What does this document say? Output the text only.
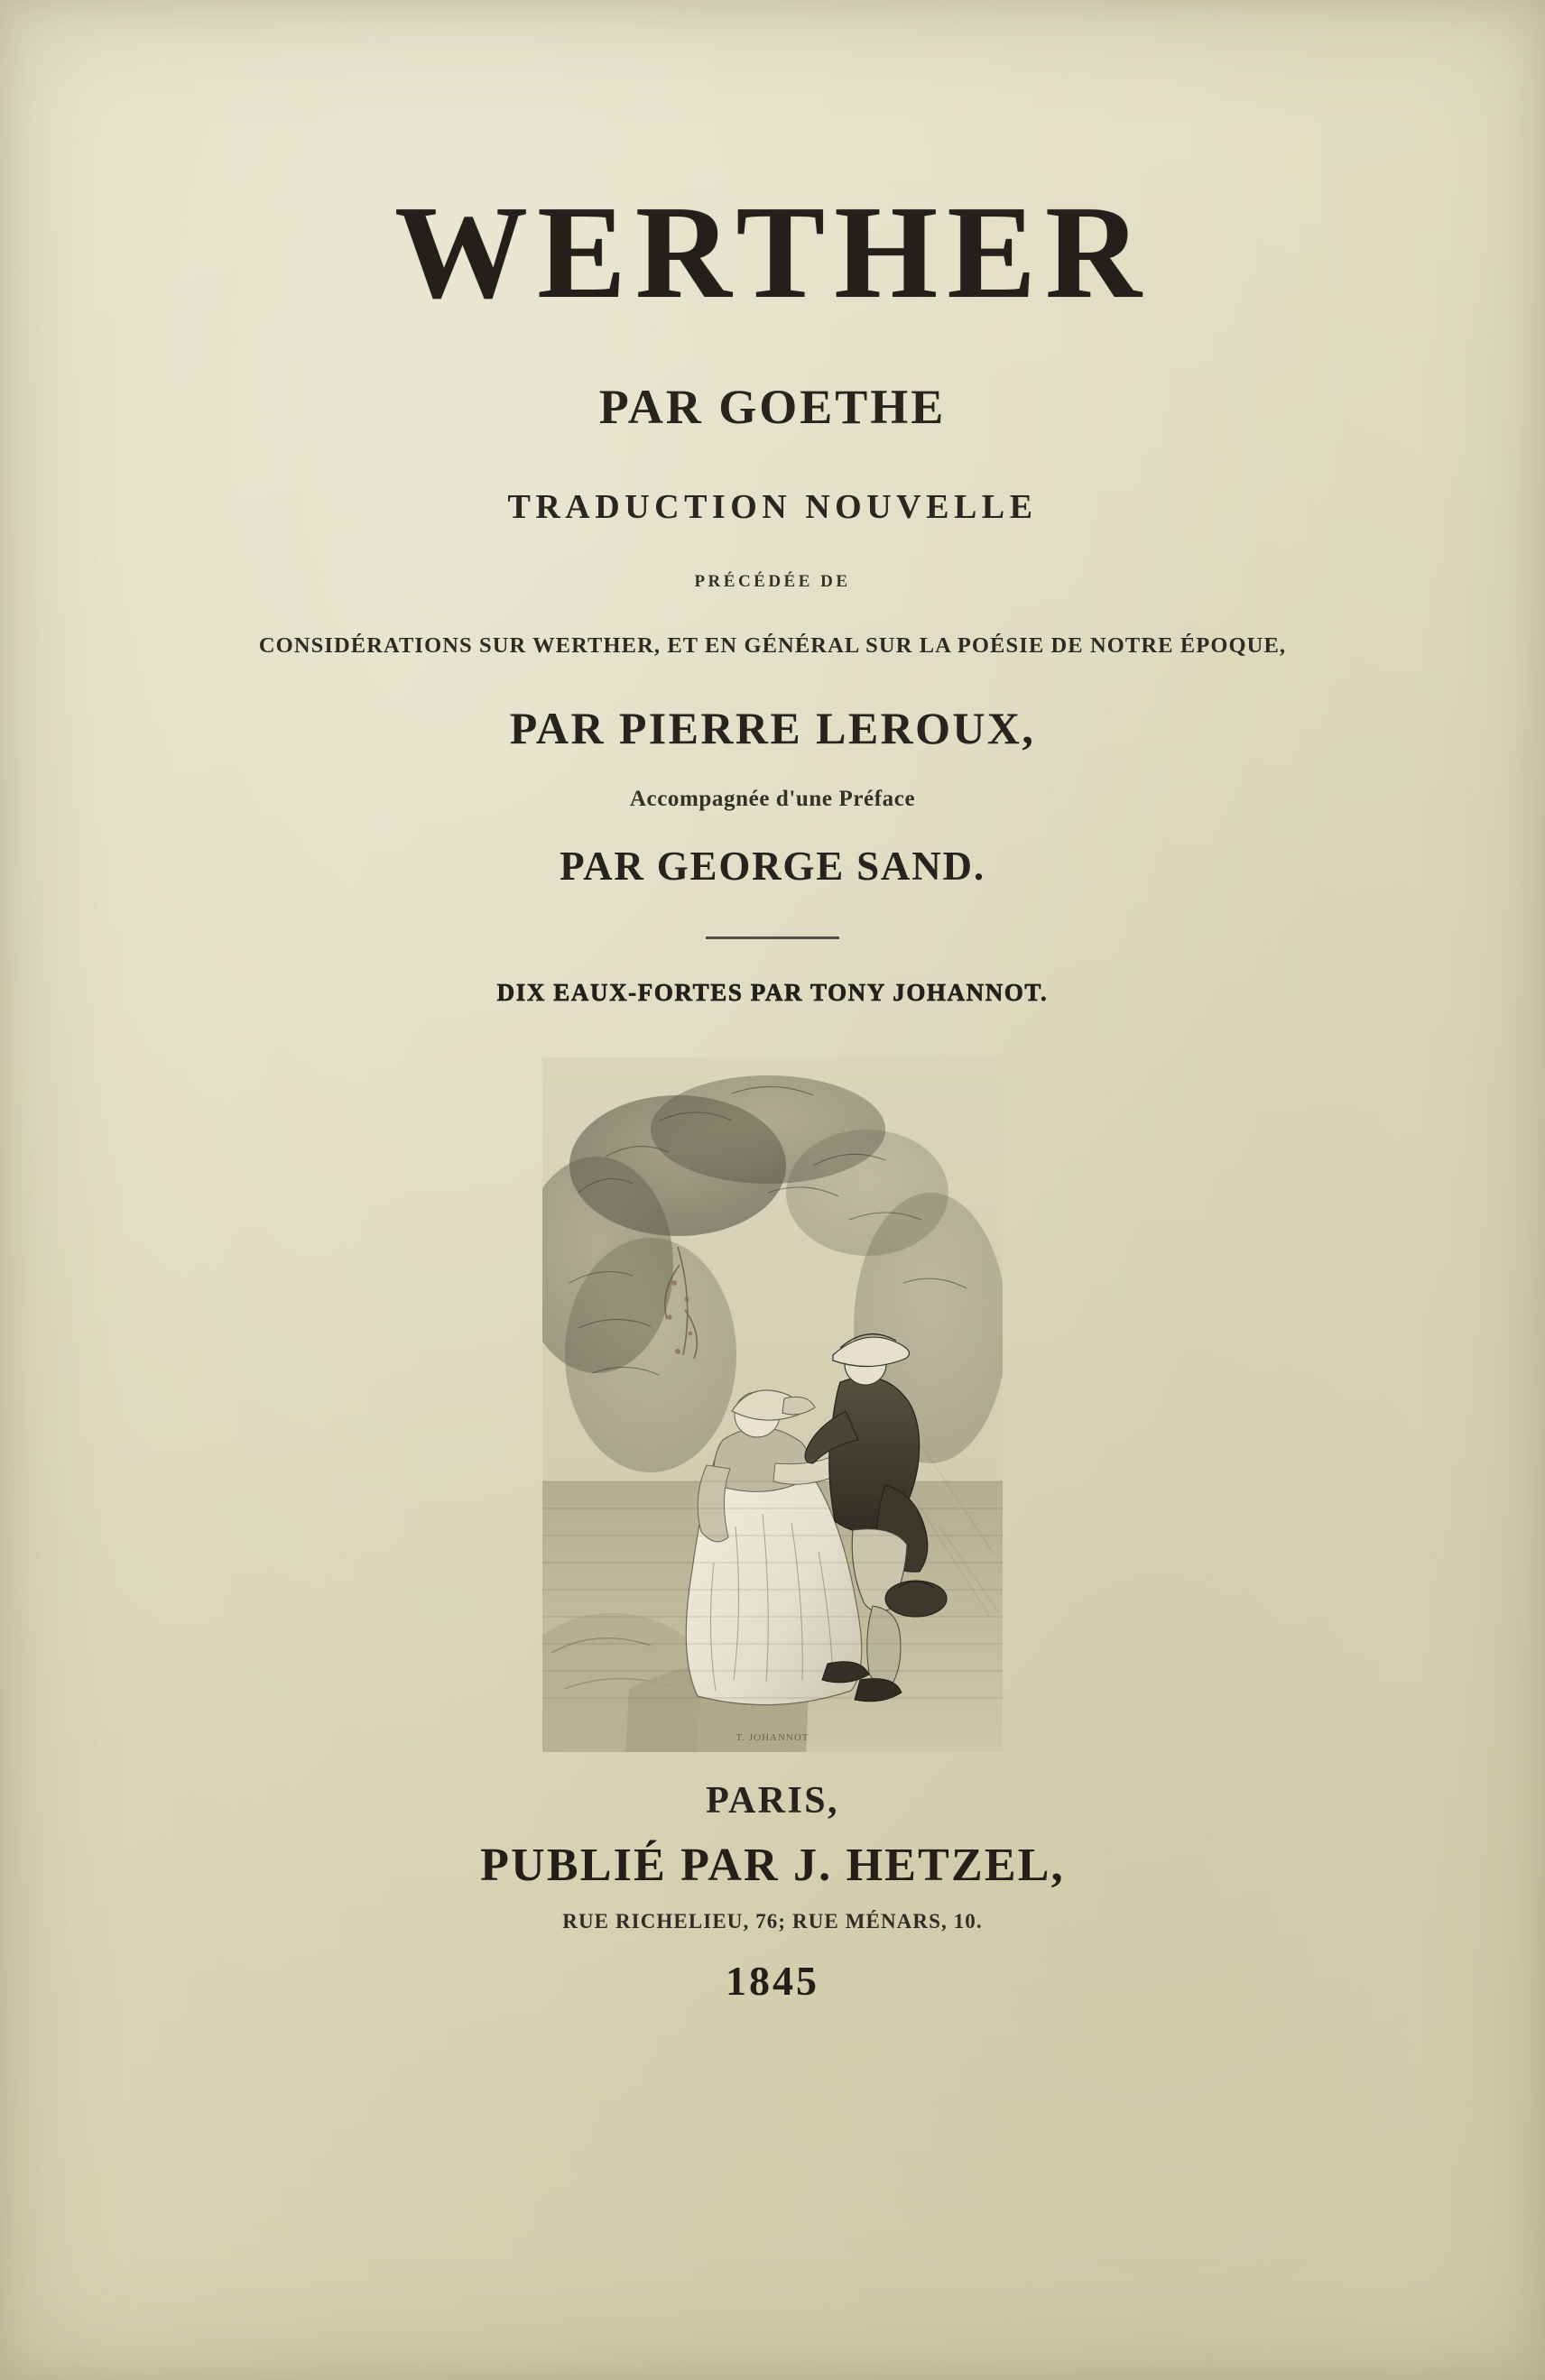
WERTHER

PAR GOETHE

TRADUCTION NOUVELLE

PRÉCÉDÉE DE

CONSIDÉRATIONS SUR WERTHER, ET EN GÉNÉRAL SUR LA POÉSIE DE NOTRE ÉPOQUE,

PAR PIERRE LEROUX,

Accompagnée d'une Préface

PAR GEORGE SAND.

DIX EAUX-FORTES PAR TONY JOHANNOT.

T. JOHANNOT

PARIS,

PUBLIÉ PAR J. HETZEL,

RUE RICHELIEU, 76; RUE MÉNARS, 10.

1845
